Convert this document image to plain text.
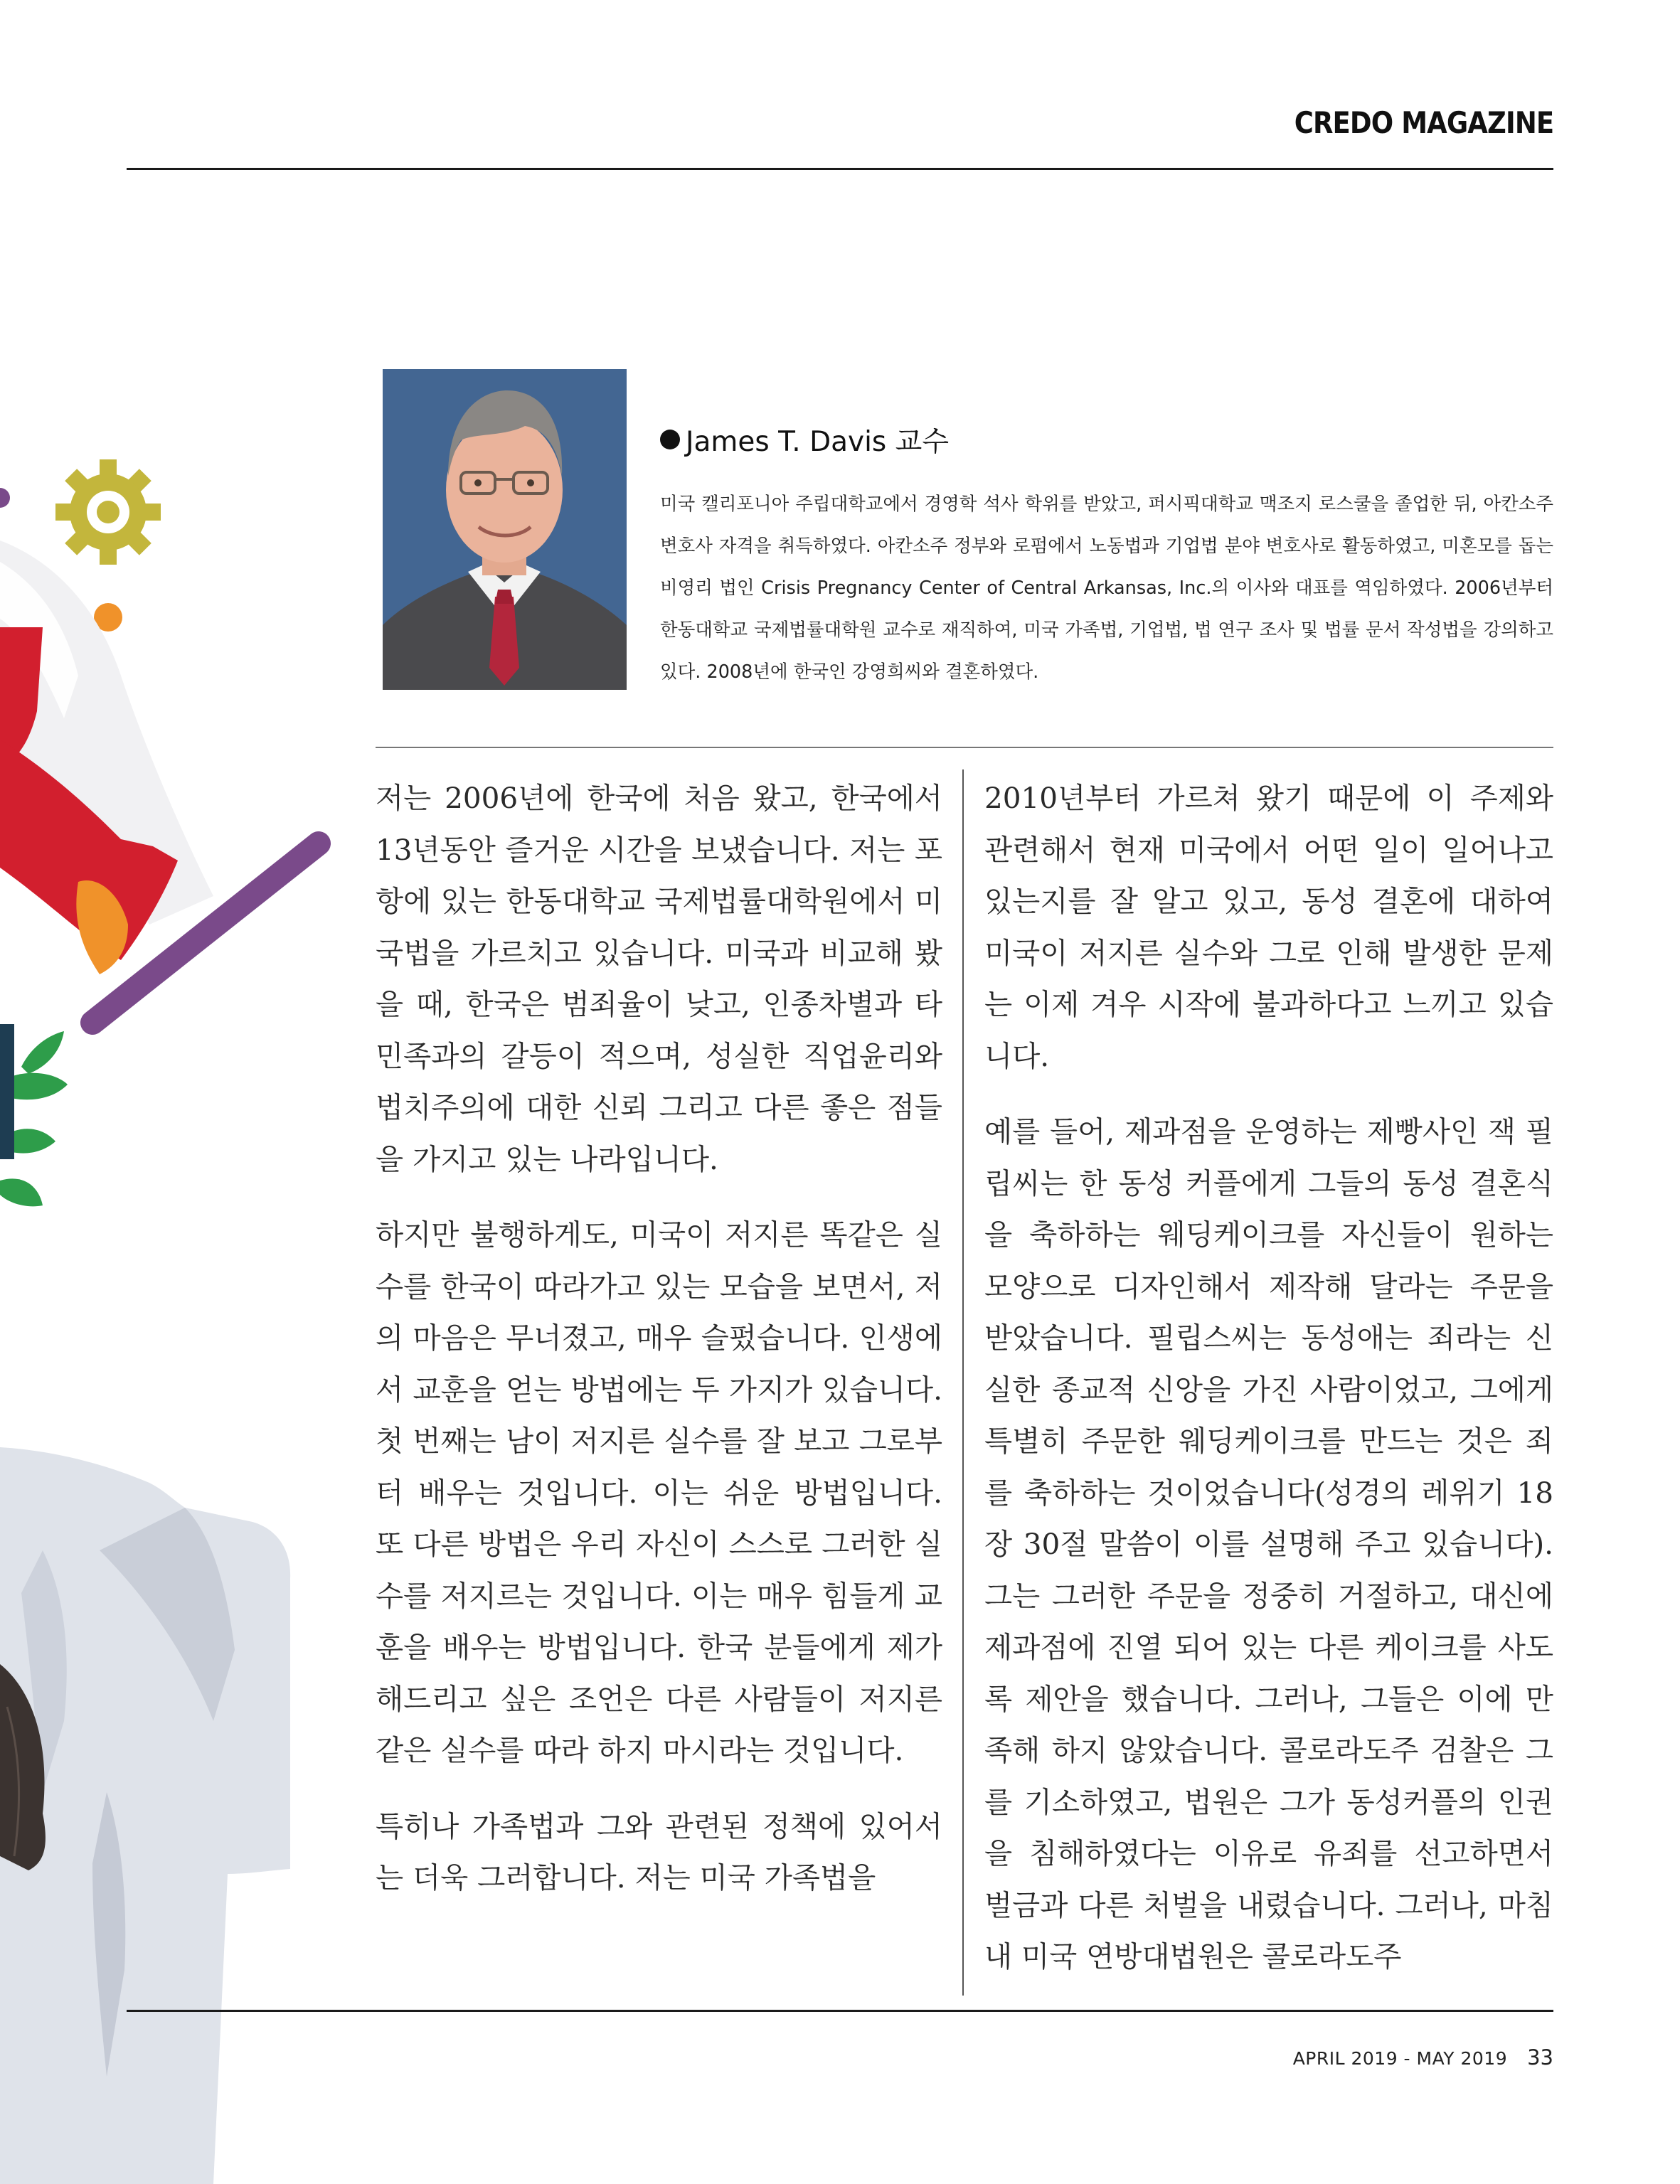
CREDO MAGAZINE
James T. Davis 교수

미국 캘리포니아 주립대학교에서 경영학 석사 학위를 받았고, 퍼시픽대학교 맥조지 로스쿨을 졸업한 뒤, 아칸소주 변호사 자격을 취득하였다. 아칸소주 정부와 로펌에서 노동법과 기업법 분야 변호사로 활동하였고, 미혼모를 돕는 비영리 법인 Crisis Pregnancy Center of Central Arkansas, Inc.의 이사와 대표를 역임하였다. 2006년부터 한동대학교 국제법률대학원 교수로 재직하여, 미국 가족법, 기업법, 법 연구 조사 및 법률 문서 작성법을 강의하고 있다. 2008년에 한국인 강영희씨와 결혼하였다.

저는 2006년에 한국에 처음 왔고, 한국에서 13년동안 즐거운 시간을 보냈습니다. 저는 포항에 있는 한동대학교 국제법률대학원에서 미국법을 가르치고 있습니다. 미국과 비교해 봤을 때, 한국은 범죄율이 낮고, 인종차별과 타민족과의 갈등이 적으며, 성실한 직업윤리와 법치주의에 대한 신뢰 그리고 다른 좋은 점들을 가지고 있는 나라입니다.

하지만 불행하게도, 미국이 저지른 똑같은 실수를 한국이 따라가고 있는 모습을 보면서, 저의 마음은 무너졌고, 매우 슬펐습니다. 인생에서 교훈을 얻는 방법에는 두 가지가 있습니다. 첫 번째는 남이 저지른 실수를 잘 보고 그로부터 배우는 것입니다. 이는 쉬운 방법입니다. 또 다른 방법은 우리 자신이 스스로 그러한 실수를 저지르는 것입니다. 이는 매우 힘들게 교훈을 배우는 방법입니다. 한국 분들에게 제가 해드리고 싶은 조언은 다른 사람들이 저지른 같은 실수를 따라 하지 마시라는 것입니다.

특히나 가족법과 그와 관련된 정책에 있어서는 더욱 그러합니다. 저는 미국 가족법을

2010년부터 가르쳐 왔기 때문에 이 주제와 관련해서 현재 미국에서 어떤 일이 일어나고 있는지를 잘 알고 있고, 동성 결혼에 대하여 미국이 저지른 실수와 그로 인해 발생한 문제는 이제 겨우 시작에 불과하다고 느끼고 있습니다.

예를 들어, 제과점을 운영하는 제빵사인 잭 필립씨는 한 동성 커플에게 그들의 동성 결혼식을 축하하는 웨딩케이크를 자신들이 원하는 모양으로 디자인해서 제작해 달라는 주문을 받았습니다. 필립스씨는 동성애는 죄라는 신실한 종교적 신앙을 가진 사람이었고, 그에게 특별히 주문한 웨딩케이크를 만드는 것은 죄를 축하하는 것이었습니다(성경의 레위기 18장 30절 말씀이 이를 설명해 주고 있습니다). 그는 그러한 주문을 정중히 거절하고, 대신에 제과점에 진열 되어 있는 다른 케이크를 사도록 제안을 했습니다. 그러나, 그들은 이에 만족해 하지 않았습니다. 콜로라도주 검찰은 그를 기소하였고, 법원은 그가 동성커플의 인권을 침해하였다는 이유로 유죄를 선고하면서 벌금과 다른 처벌을 내렸습니다. 그러나, 마침내 미국 연방대법원은 콜로라도주

APRIL 2019 - MAY 2019 33
